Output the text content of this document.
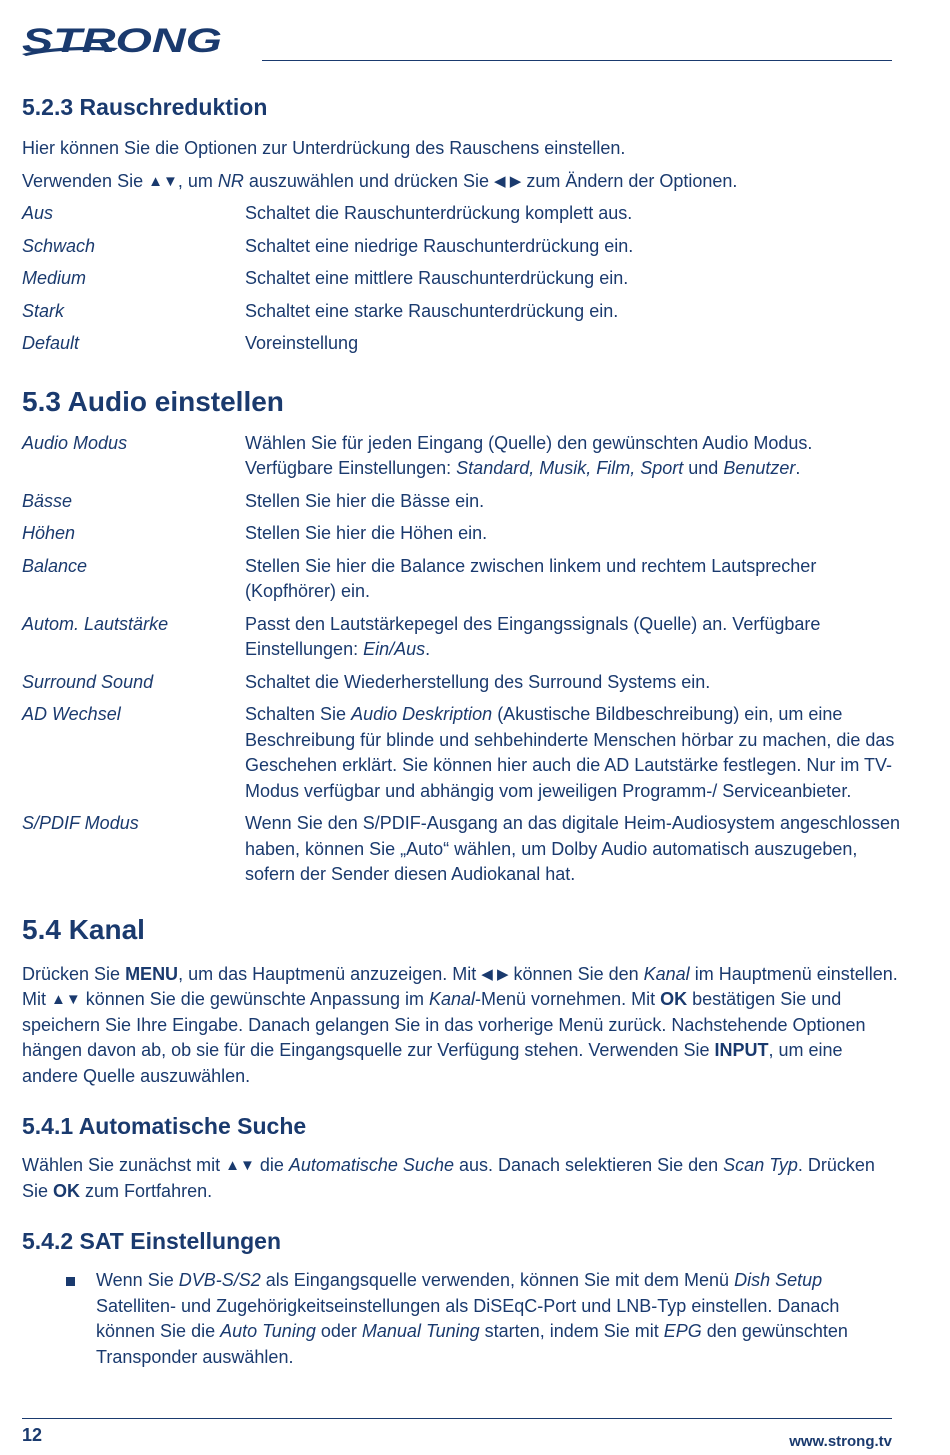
STRONG
5.2.3 Rauschreduktion

Hier können Sie die Optionen zur Unterdrückung des Rauschens einstellen.

Verwenden Sie ▲▼, um NR auszuwählen und drücken Sie ◀ ▶ zum Ändern der Optionen.

Aus	Schaltet die Rauschunterdrückung komplett aus.
Schwach	Schaltet eine niedrige Rauschunterdrückung ein.
Medium	Schaltet eine mittlere Rauschunterdrückung ein.
Stark	Schaltet eine starke Rauschunterdrückung ein.
Default	Voreinstellung
5.3 Audio einstellen
Audio Modus	Wählen Sie für jeden Eingang (Quelle) den gewünschten Audio Modus. Verfügbare Einstellungen: Standard, Musik, Film, Sport und Benutzer.
Bässe	Stellen Sie hier die Bässe ein.
Höhen	Stellen Sie hier die Höhen ein.
Balance	Stellen Sie hier die Balance zwischen linkem und rechtem Lautsprecher (Kopfhörer) ein.
Autom. Lautstärke	Passt den Lautstärkepegel des Eingangssignals (Quelle) an. Verfügbare Einstellungen: Ein/Aus.
Surround Sound	Schaltet die Wiederherstellung des Surround Systems ein.
AD Wechsel	Schalten Sie Audio Deskription (Akustische Bildbeschreibung) ein, um eine Beschreibung für blinde und sehbehinderte Menschen hörbar zu machen, die das Geschehen erklärt. Sie können hier auch die AD Lautstärke festlegen. Nur im TV-Modus verfügbar und abhängig vom jeweiligen Programm-/ Serviceanbieter.
S/PDIF Modus	Wenn Sie den S/PDIF-Ausgang an das digitale Heim-Audiosystem angeschlossen haben, können Sie „Auto“ wählen, um Dolby Audio automatisch auszugeben, sofern der Sender diesen Audiokanal hat.
5.4 Kanal

Drücken Sie MENU, um das Hauptmenü anzuzeigen. Mit ◀ ▶ können Sie den Kanal im Hauptmenü einstellen. Mit ▲▼ können Sie die gewünschte Anpassung im Kanal-Menü vornehmen. Mit OK bestätigen Sie und speichern Sie Ihre Eingabe. Danach gelangen Sie in das vorherige Menü zurück. Nachstehende Optionen hängen davon ab, ob sie für die Eingangsquelle zur Verfügung stehen. Verwenden Sie INPUT, um eine andere Quelle auszuwählen.

5.4.1 Automatische Suche

Wählen Sie zunächst mit ▲▼ die Automatische Suche aus. Danach selektieren Sie den Scan Typ. Drücken Sie OK zum Fortfahren.

5.4.2 SAT Einstellungen
Wenn Sie DVB-S/S2 als Eingangsquelle verwenden, können Sie mit dem Menü Dish Setup Satelliten- und Zugehörigkeitseinstellungen als DiSEqC-Port und LNB-Typ einstellen. Danach können Sie die Auto Tuning oder Manual Tuning starten, indem Sie mit EPG den gewünschten Transponder auswählen.
12	www.strong.tv
